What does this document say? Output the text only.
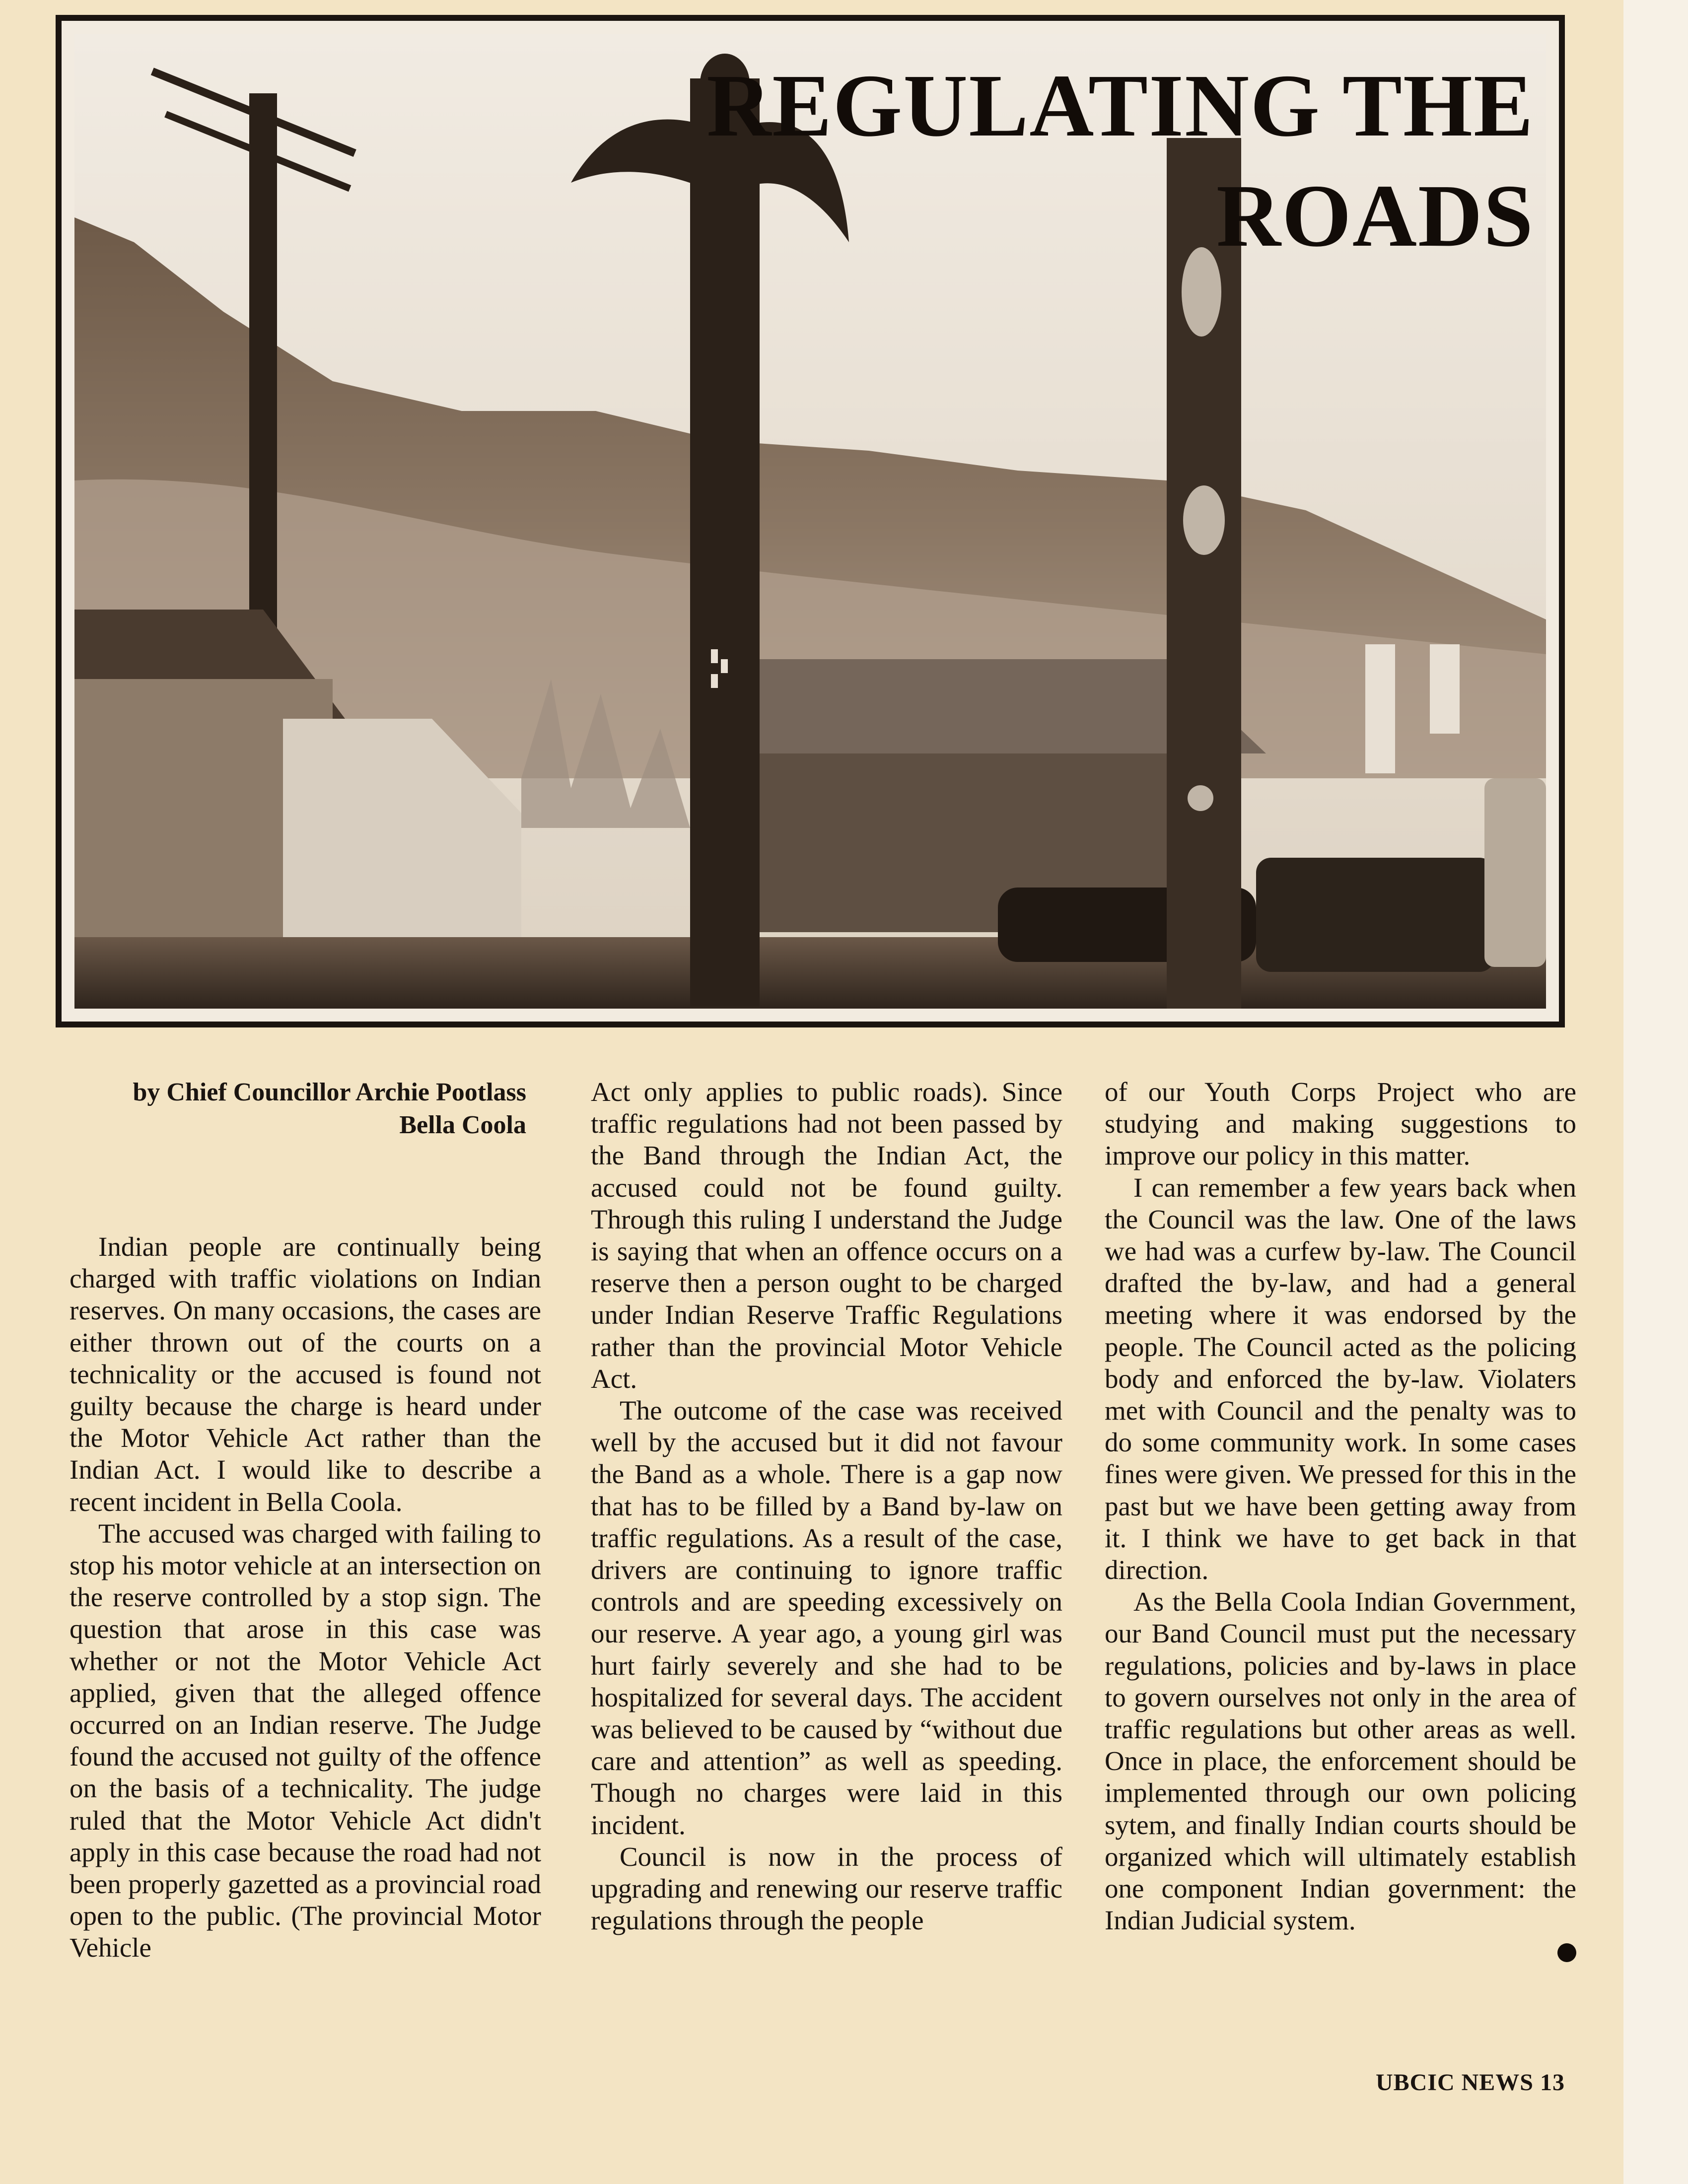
REGULATING THE
ROADS
by Chief Councillor Archie Pootlass
Bella Coola

Indian people are continually being charged with traffic violations on Indian reserves. On many occasions, the cases are either thrown out of the courts on a technicality or the accused is found not guilty because the charge is heard under the Motor Vehicle Act rather than the Indian Act. I would like to describe a recent incident in Bella Coola.

The accused was charged with failing to stop his motor vehicle at an intersection on the reserve controlled by a stop sign. The question that arose in this case was whether or not the Motor Vehicle Act applied, given that the alleged offence occurred on an Indian reserve. The Judge found the accused not guilty of the offence on the basis of a technicality. The judge ruled that the Motor Vehicle Act didn't apply in this case because the road had not been properly gazetted as a provincial road open to the public. (The provincial Motor Vehicle

Act only applies to public roads). Since traffic regulations had not been passed by the Band through the Indian Act, the accused could not be found guilty. Through this ruling I understand the Judge is saying that when an offence occurs on a reserve then a person ought to be charged under Indian Reserve Traffic Regulations rather than the provincial Motor Vehicle Act.

The outcome of the case was received well by the accused but it did not favour the Band as a whole. There is a gap now that has to be filled by a Band by-law on traffic regulations. As a result of the case, drivers are continuing to ignore traffic controls and are speeding excessively on our reserve. A year ago, a young girl was hurt fairly severely and she had to be hospitalized for several days. The accident was believed to be caused by “without due care and attention” as well as speeding. Though no charges were laid in this incident.

Council is now in the process of upgrading and renewing our reserve traffic regulations through the people

of our Youth Corps Project who are studying and making suggestions to improve our policy in this matter.

I can remember a few years back when the Council was the law. One of the laws we had was a curfew by-law. The Council drafted the by-law, and had a general meeting where it was endorsed by the people. The Council acted as the policing body and enforced the by-law. Violaters met with Council and the penalty was to do some community work. In some cases fines were given. We pressed for this in the past but we have been getting away from it. I think we have to get back in that direction.

As the Bella Coola Indian Government, our Band Council must put the necessary regulations, policies and by-laws in place to govern ourselves not only in the area of traffic regulations but other areas as well. Once in place, the enforcement should be implemented through our own policing sytem, and finally Indian courts should be organized which will ultimately establish one component Indian government: the Indian Judicial system.

UBCIC NEWS 13
